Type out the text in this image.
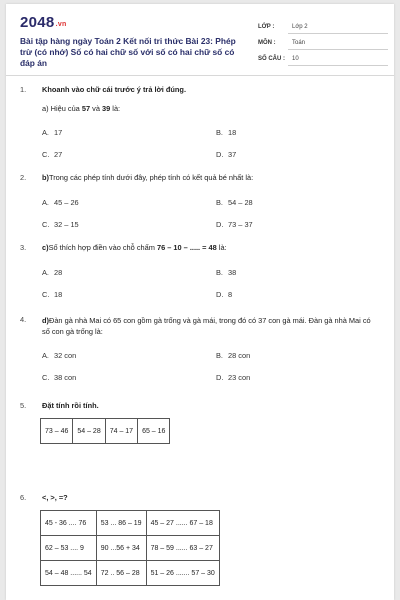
2048.vn
Bài tập hàng ngày Toán 2 Kết nối tri thức Bài 23: Phép trừ (có nhớ) Số có hai chữ số với số có hai chữ số có đáp án
LỚP :	Lớp 2
MÔN :	Toán
SỐ CÂU :	10
1. Khoanh vào chữ cái trước ý trả lời đúng.
a) Hiệu của 57 và 39 là:
A. 17	B. 18
C. 27	D. 37
2. b)Trong các phép tính dưới đây, phép tính có kết quả bé nhất là:
A. 45 – 26	B. 54 – 28
C. 32 – 15	D. 73 – 37
3. c)Số thích hợp điền vào chỗ chấm 76 – 10 – ..... = 48 là:
A. 28	B. 38
C. 18	D. 8
4. d)Đàn gà nhà Mai có 65 con gồm gà trống và gà mái, trong đó có 37 con gà mái. Đàn gà nhà Mai có số con gà trống là:
A. 32 con	B. 28 con
C. 38 con	D. 23 con
5. Đặt tính rồi tính.
73 – 46	54 – 28	74 – 17	65 – 16
6. <, >, =?
45 - 36 .... 76	53 ... 86 – 19	45 – 27 ...... 67 – 18
62 – 53 .... 9	90 ...56 + 34	78 – 59 ...... 63 – 27
54 – 48 ...... 54	72 .. 56 – 28	51 – 26 ....... 57 – 30
